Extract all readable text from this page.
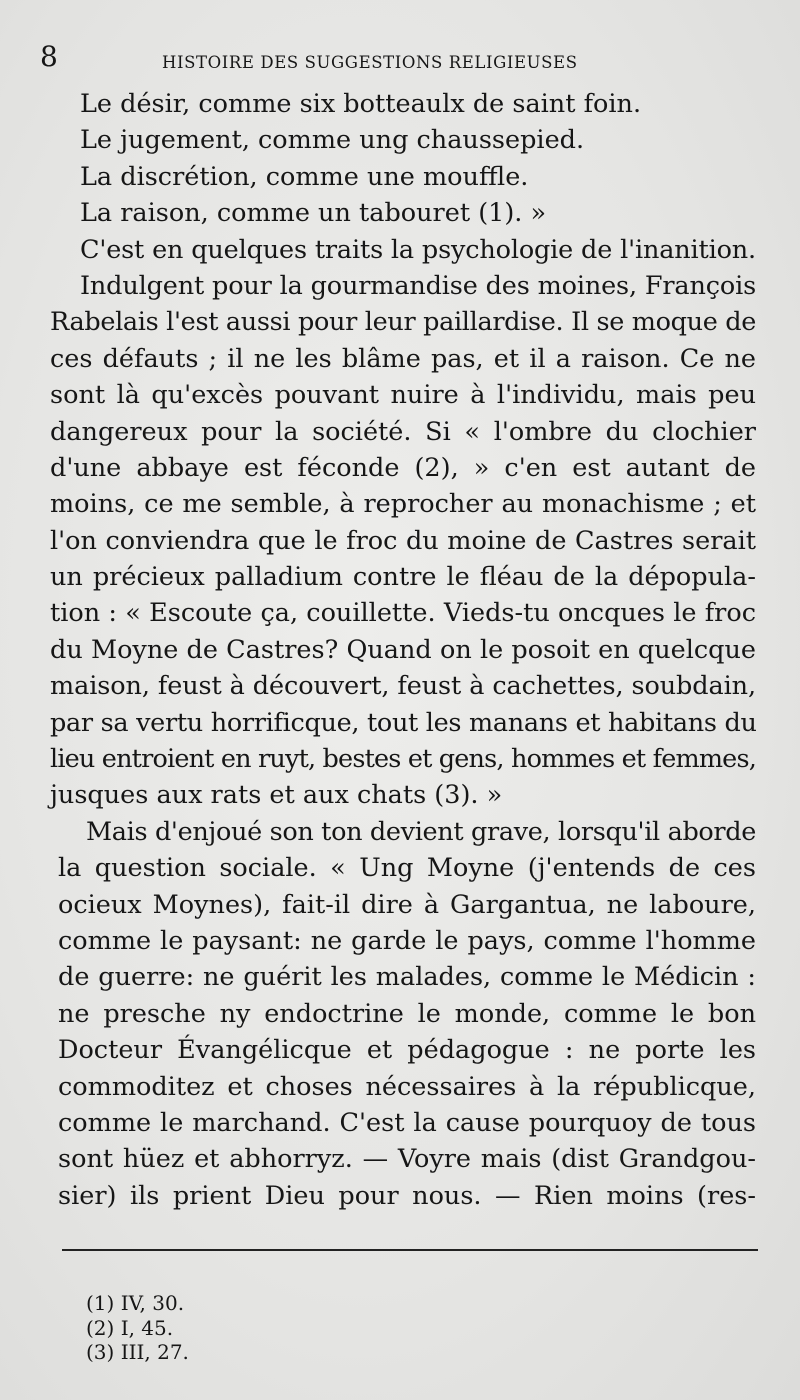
8	HISTOIRE DES SUGGESTIONS RELIGIEUSES
Le désir, comme six botteaulx de saint foin.
Le jugement, comme ung chaussepied.
La discrétion, comme une mouffle.
La raison, comme un tabouret (1). »
C'est en quelques traits la psychologie de l'inanition.
Indulgent pour la gourmandise des moines, François
Rabelais l'est aussi pour leur paillardise. Il se moque de
ces défauts ; il ne les blâme pas, et il a raison. Ce ne
sont là qu'excès pouvant nuire à l'individu, mais peu
dangereux pour la société. Si « l'ombre du clochier
d'une abbaye est féconde (2), » c'en est autant de
moins, ce me semble, à reprocher au monachisme ; et
l'on conviendra que le froc du moine de Castres serait
un précieux palladium contre le fléau de la dépopula-
tion : « Escoute ça, couillette. Vieds-tu oncques le froc
du Moyne de Castres? Quand on le posoit en quelcque
maison, feust à découvert, feust à cachettes, soubdain,
par sa vertu horrificque, tout les manans et habitans du
lieu entroient en ruyt, bestes et gens, hommes et femmes,
jusques aux rats et aux chats (3). »
Mais d'enjoué son ton devient grave, lorsqu'il aborde
la question sociale. « Ung Moyne (j'entends de ces
ocieux Moynes), fait-il dire à Gargantua, ne laboure,
comme le paysant: ne garde le pays, comme l'homme
de guerre: ne guérit les malades, comme le Médicin :
ne presche ny endoctrine le monde, comme le bon
Docteur Évangélicque et pédagogue : ne porte les
commoditez et choses nécessaires à la républicque,
comme le marchand. C'est la cause pourquoy de tous
sont hüez et abhorryz. — Voyre mais (dist Grandgou-
sier) ils prient Dieu pour nous. — Rien moins (res-
(1) IV, 30.
(2) I, 45.
(3) III, 27.
